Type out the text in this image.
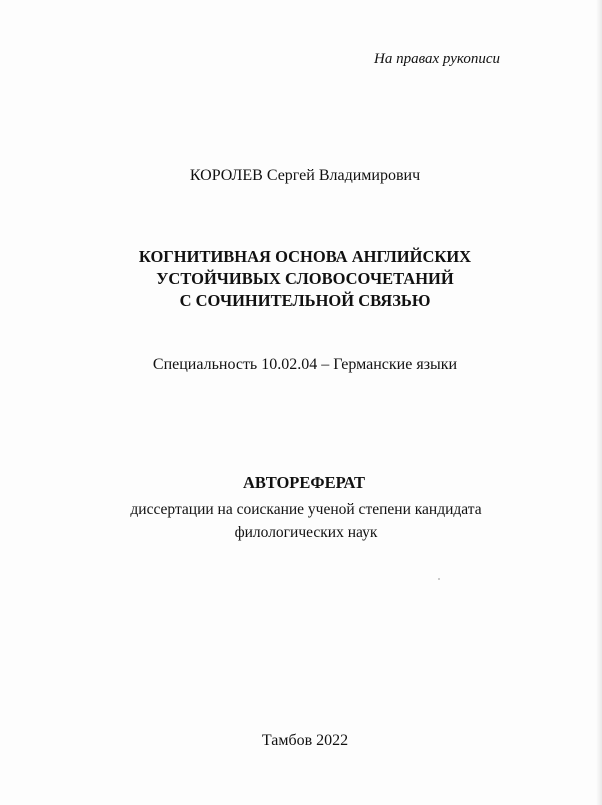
На правах рукописи
КОРОЛЕВ Сергей Владимирович
КОГНИТИВНАЯ ОСНОВА АНГЛИЙСКИХ
УСТОЙЧИВЫХ СЛОВОСОЧЕТАНИЙ
С СОЧИНИТЕЛЬНОЙ СВЯЗЬЮ
Специальность 10.02.04 – Германские языки
АВТОРЕФЕРАТ
диссертации на соискание ученой степени кандидата
филологических наук
Тамбов 2022
